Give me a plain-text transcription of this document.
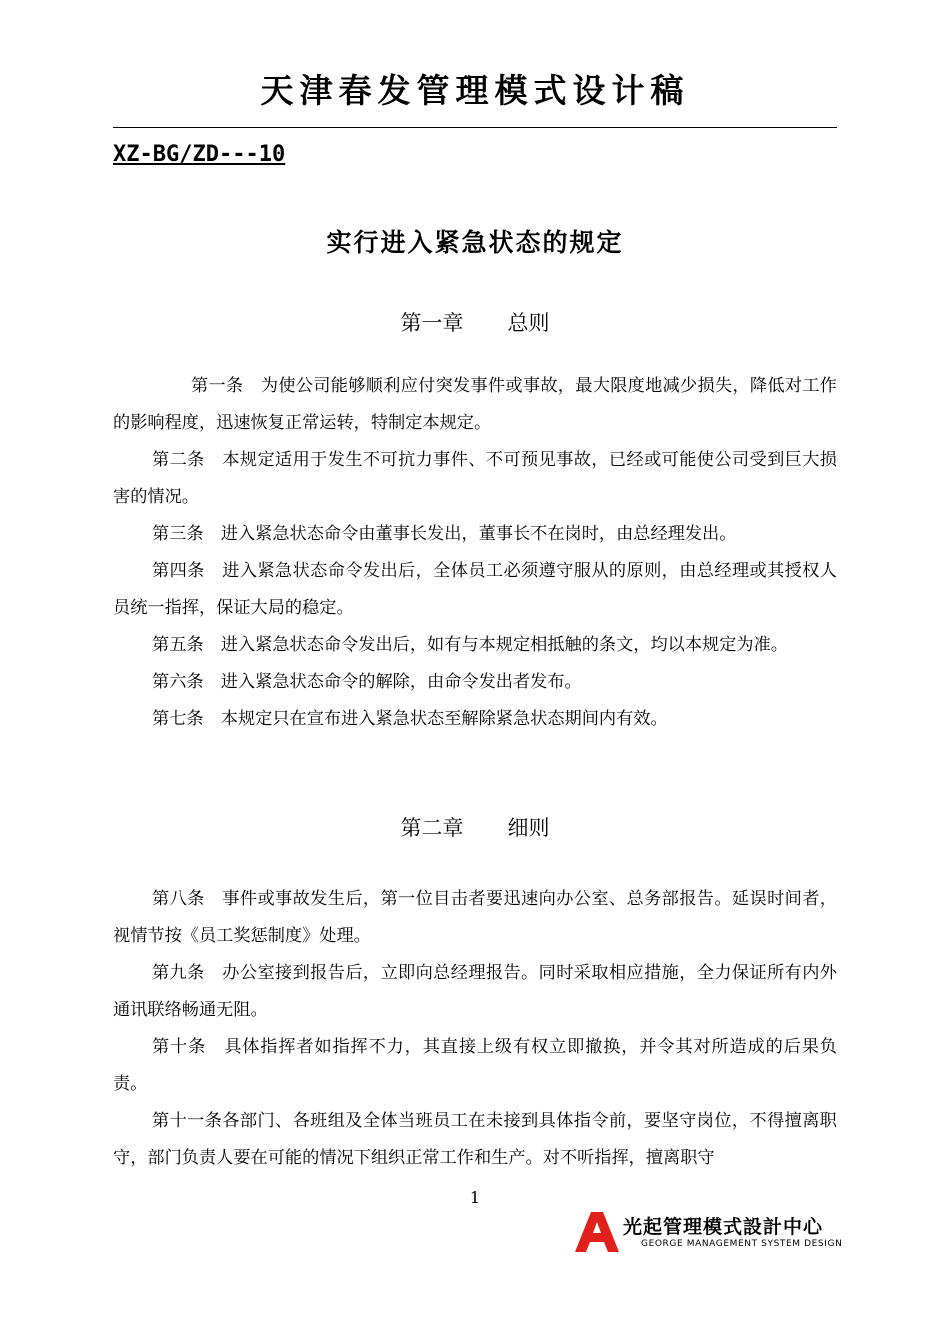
天津春发管理模式设计稿
XZ-BG/ZD---10
实行进入紧急状态的规定
第一章 总则

第一条  为使公司能够顺利应付突发事件或事故，最大限度地减少损失，降低对工作的影响程度，迅速恢复正常运转，特制定本规定。

第二条  本规定适用于发生不可抗力事件、不可预见事故，已经或可能使公司受到巨大损害的情况。

第三条  进入紧急状态命令由董事长发出，董事长不在岗时，由总经理发出。

第四条  进入紧急状态命令发出后，全体员工必须遵守服从的原则，由总经理或其授权人员统一指挥，保证大局的稳定。

第五条  进入紧急状态命令发出后，如有与本规定相抵触的条文，均以本规定为准。

第六条  进入紧急状态命令的解除，由命令发出者发布。

第七条  本规定只在宣布进入紧急状态至解除紧急状态期间内有效。

第二章 细则

第八条  事件或事故发生后，第一位目击者要迅速向办公室、总务部报告。延误时间者，视情节按《员工奖惩制度》处理。

第九条  办公室接到报告后，立即向总经理报告。同时采取相应措施，全力保证所有内外通讯联络畅通无阻。

第十条  具体指挥者如指挥不力，其直接上级有权立即撤换，并令其对所造成的后果负责。

第十一条各部门、各班组及全体当班员工在未接到具体指令前，要坚守岗位，不得擅离职守，部门负责人要在可能的情况下组织正常工作和生产。对不听指挥，擅离职守

1
光起管理模式設計中心
GEORGE MANAGEMENT SYSTEM DESIGN
